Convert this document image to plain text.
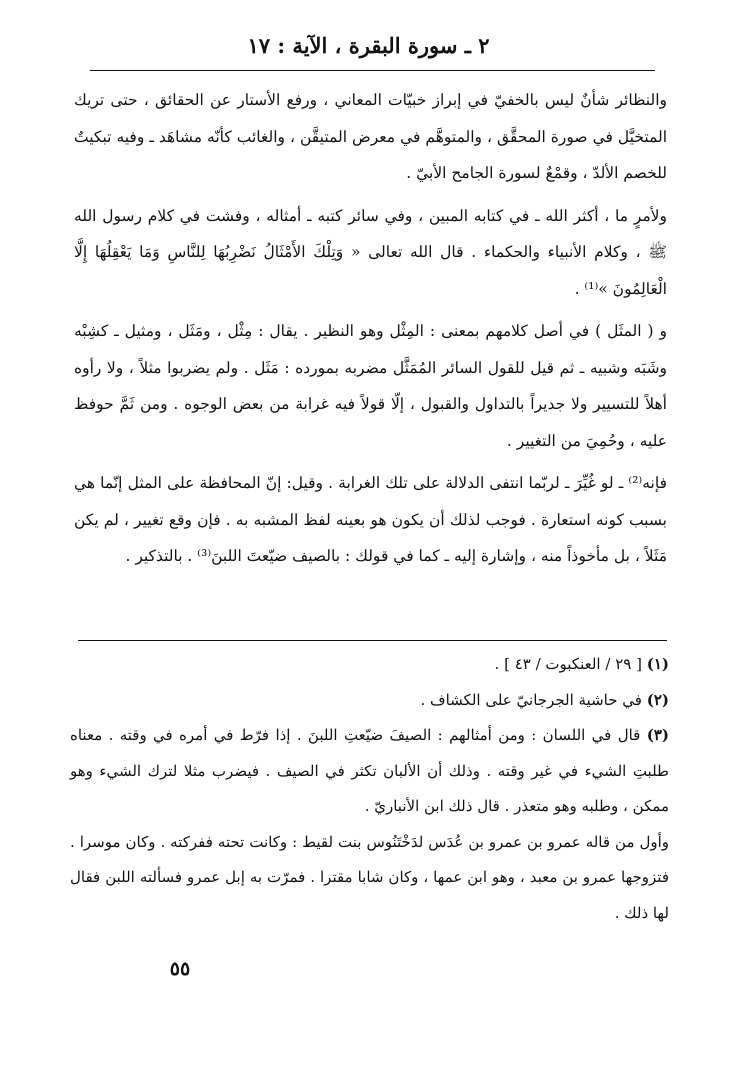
٢ ـ سورة البقرة ، الآية : ١٧

والنظائر شأنٌ ليس بالخفيّ في إبراز خبيّات المعاني ، ورفع الأستار عن الحقائق ، حتى تريك المتخيَّل في صورة المحقَّق ، والمتوهَّم في معرض المتيقَّن ، والغائب كأنّه مشاهَد ـ وفيه تبكيتٌ للخصم الألدّ ، وقمْعٌ لسورة الجامح الأبيّ .

ولأمرٍ ما ، أكثر الله ـ في كتابه المبين ، وفي سائر كتبه ـ أمثاله ، وفشت في كلام رسول الله ﷺ ، وكلام الأنبياء والحكماء . قال الله تعالى « وَتِلْكَ الأَمْثَالُ نَضْرِبُهَا لِلنَّاسِ وَمَا يَعْقِلُهَا إِلَّا الْعَالِمُونَ »⁽¹⁾ .

و ( المثَل ) في أصل كلامهم بمعنى : المِثْل وهو النظير . يقال : مِثْل ، ومَثَل ، ومثيل ـ كشِبْه وشَبَه وشبيه ـ ثم قيل للقول السائر المُمَثَّل مضربه بمورده : مَثَل . ولم يضربوا مثلاً ، ولا رأوه أهلاً للتسيير ولا جديراً بالتداول والقبول ، إلّا قولاً فيه غرابة من بعض الوجوه . ومن ثَمَّ حوفظ عليه ، وحُمِيَ من التغيير .

فإنه⁽²⁾ ـ لو غُيِّرَ ـ لربّما انتفى الدلالة على تلك الغرابة . وقيل: إنّ المحافظة على المثل إنّما هي بسبب كونه استعارة . فوجب لذلك أن يكون هو بعينه لفظ المشبه به . فإن وقع تغيير ، لم يكن مَثَلاً ، بل مأخوذاً منه ، وإشارة إليه ـ كما في قولك : بالصيف ضيّعتَ اللبنَ⁽³⁾ . بالتذكير .

(١) [ ٢٩ / العنكبوت / ٤٣ ] .

(٢) في حاشية الجرجانيّ على الكشاف .

(٣) قال في اللسان : ومن أمثالهم : الصيفَ ضيّعتِ اللبنَ . إذا فرّط في أمره في وقته . معناه طلبتِ الشيء في غير وقته . وذلك أن الألبان تكثر في الصيف . فيضرب مثلا لترك الشيء وهو ممكن ، وطلبه وهو متعذر . قال ذلك ابن الأنباريّ .

وأول من قاله عمرو بن عمرو بن عُدَس لدَخْتَنُوس بنت لقيط : وكانت تحته ففركته . وكان موسرا . فتزوجها عمرو بن معبد ، وهو ابن عمها ، وكان شابا مقترا . فمرّت به إبل عمرو فسألته اللبن فقال لها ذلك .

٥٥
